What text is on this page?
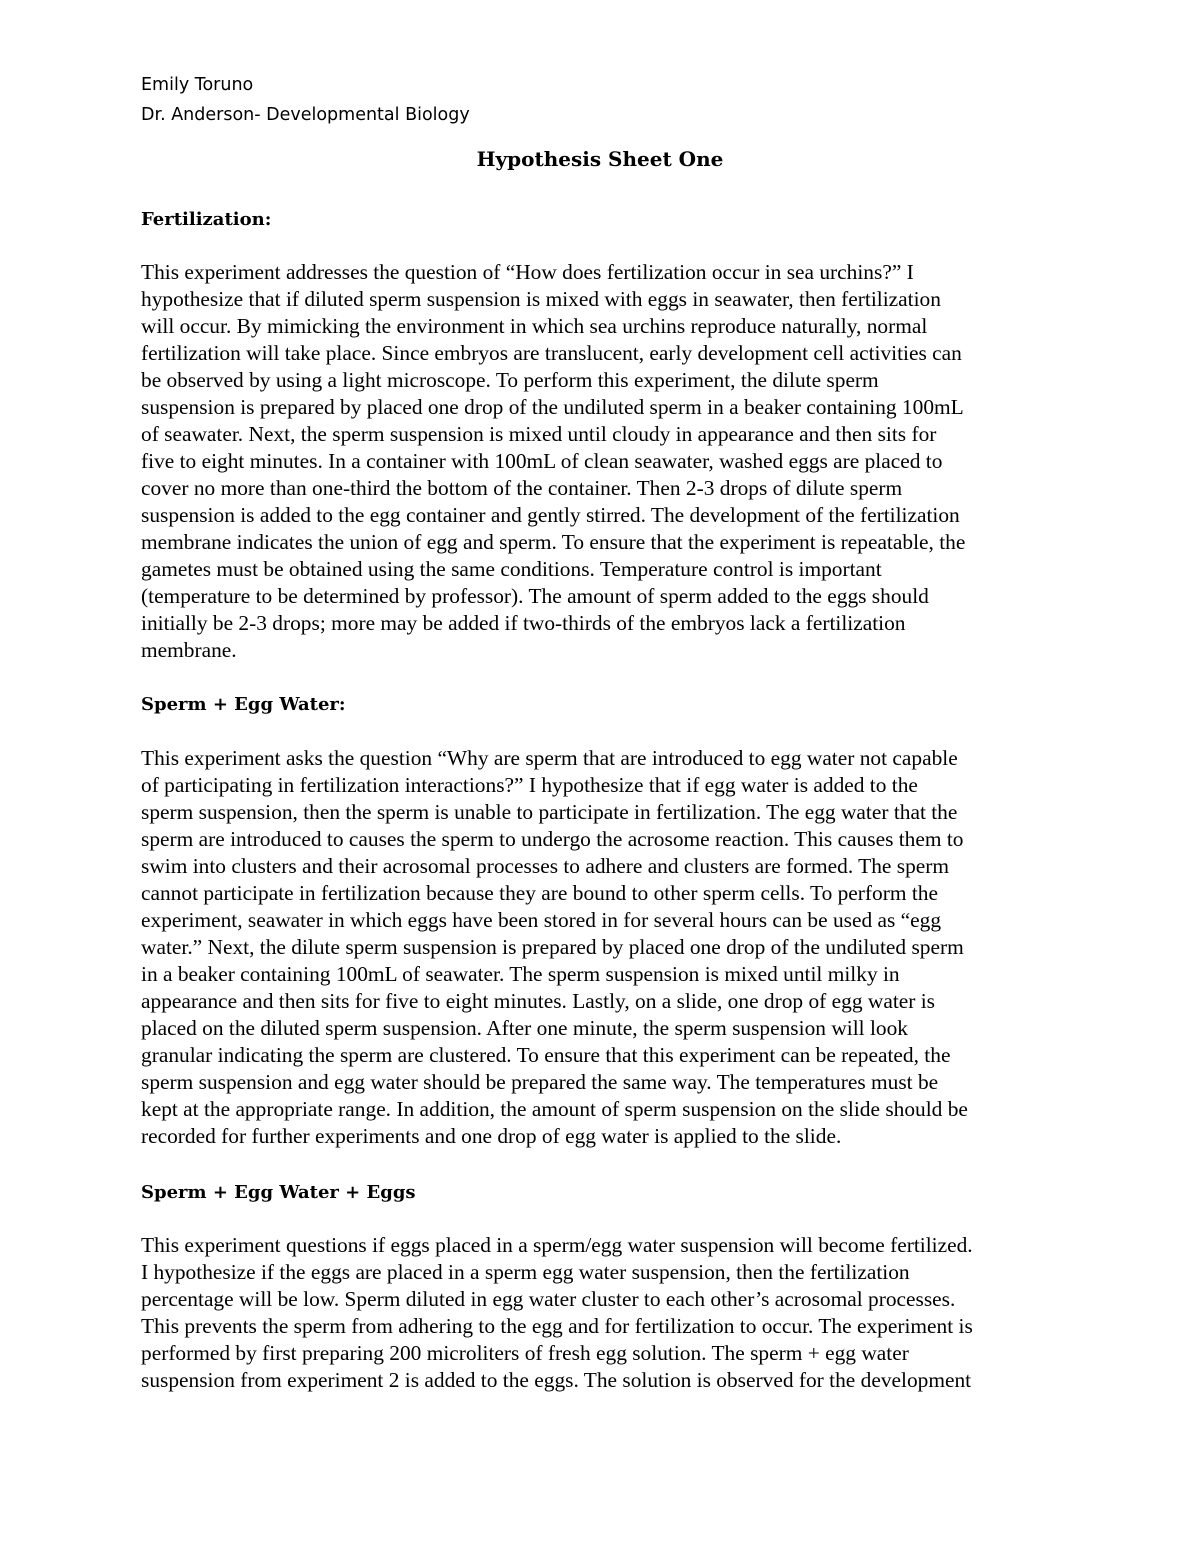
Emily Toruno
Dr. Anderson- Developmental Biology
Hypothesis Sheet One
Fertilization:
This experiment addresses the question of “How does fertilization occur in sea urchins?” I
hypothesize that if diluted sperm suspension is mixed with eggs in seawater, then fertilization
will occur. By mimicking the environment in which sea urchins reproduce naturally, normal
fertilization will take place. Since embryos are translucent, early development cell activities can
be observed by using a light microscope. To perform this experiment, the dilute sperm
suspension is prepared by placed one drop of the undiluted sperm in a beaker containing 100mL
of seawater. Next, the sperm suspension is mixed until cloudy in appearance and then sits for
five to eight minutes. In a container with 100mL of clean seawater, washed eggs are placed to
cover no more than one-third the bottom of the container. Then 2-3 drops of dilute sperm
suspension is added to the egg container and gently stirred. The development of the fertilization
membrane indicates the union of egg and sperm. To ensure that the experiment is repeatable, the
gametes must be obtained using the same conditions. Temperature control is important
(temperature to be determined by professor). The amount of sperm added to the eggs should
initially be 2-3 drops; more may be added if two-thirds of the embryos lack a fertilization
membrane.
Sperm + Egg Water:
This experiment asks the question “Why are sperm that are introduced to egg water not capable
of participating in fertilization interactions?” I hypothesize that if egg water is added to the
sperm suspension, then the sperm is unable to participate in fertilization. The egg water that the
sperm are introduced to causes the sperm to undergo the acrosome reaction. This causes them to
swim into clusters and their acrosomal processes to adhere and clusters are formed. The sperm
cannot participate in fertilization because they are bound to other sperm cells. To perform the
experiment, seawater in which eggs have been stored in for several hours can be used as “egg
water.” Next, the dilute sperm suspension is prepared by placed one drop of the undiluted sperm
in a beaker containing 100mL of seawater. The sperm suspension is mixed until milky in
appearance and then sits for five to eight minutes. Lastly, on a slide, one drop of egg water is
placed on the diluted sperm suspension. After one minute, the sperm suspension will look
granular indicating the sperm are clustered. To ensure that this experiment can be repeated, the
sperm suspension and egg water should be prepared the same way. The temperatures must be
kept at the appropriate range. In addition, the amount of sperm suspension on the slide should be
recorded for further experiments and one drop of egg water is applied to the slide.
Sperm + Egg Water + Eggs
This experiment questions if eggs placed in a sperm/egg water suspension will become fertilized.
I hypothesize if the eggs are placed in a sperm egg water suspension, then the fertilization
percentage will be low. Sperm diluted in egg water cluster to each other’s acrosomal processes.
This prevents the sperm from adhering to the egg and for fertilization to occur. The experiment is
performed by first preparing 200 microliters of fresh egg solution. The sperm + egg water
suspension from experiment 2 is added to the eggs. The solution is observed for the development
